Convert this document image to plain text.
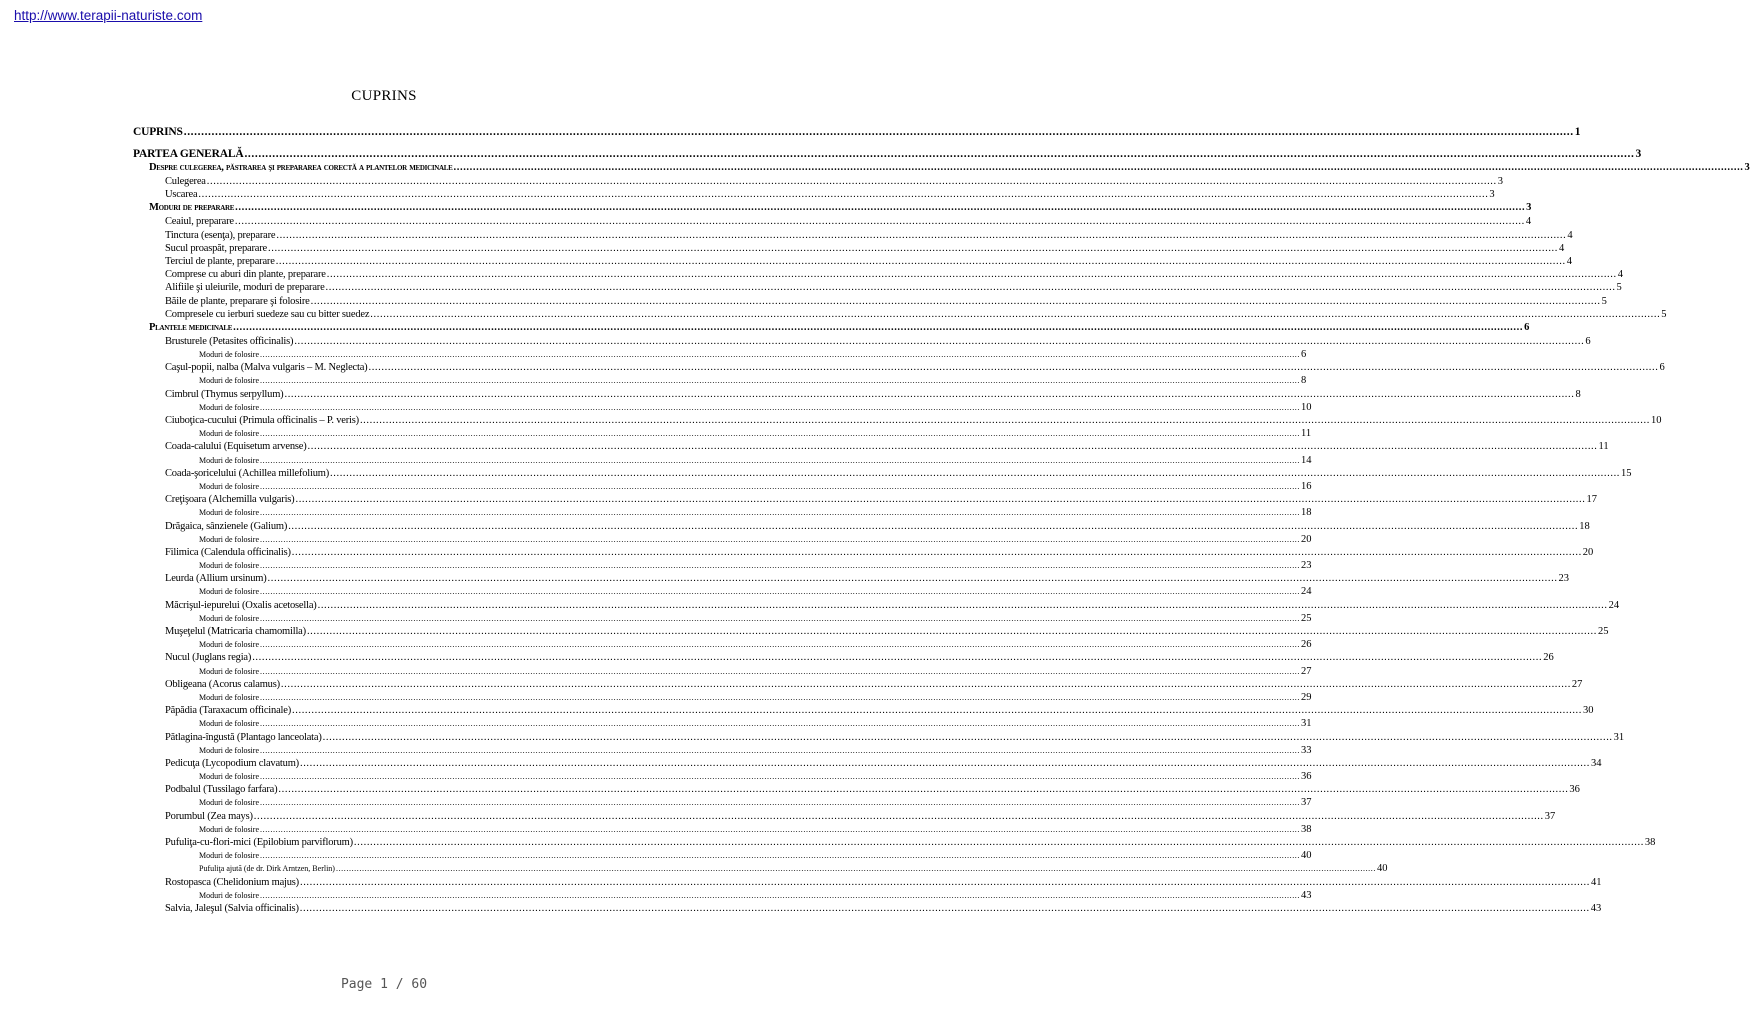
http://www.terapii-naturiste.com
CUPRINS
CUPRINS ................................................................................................................................................................................................................................................................................................................................................................................................................ 1
PARTEA GENERALĂ ................................................................................................................................................................................................................................................................................................................................................................................................................ 3
Despre culegerea, păstrarea şi prepararea corectă a plantelor medicinale ................................................................................................................................................................................................................................................................................................................................................................................................................ 3
Culegerea ................................................................................................................................................................................................................................................................................................................................................................................................................ 3
Uscarea ................................................................................................................................................................................................................................................................................................................................................................................................................ 3
Moduri de preparare ................................................................................................................................................................................................................................................................................................................................................................................................................ 3
Ceaiul, preparare ................................................................................................................................................................................................................................................................................................................................................................................................................ 4
Tinctura (esenţa), preparare ................................................................................................................................................................................................................................................................................................................................................................................................................ 4
Sucul proaspăt, preparare ................................................................................................................................................................................................................................................................................................................................................................................................................ 4
Terciul de plante, preparare ................................................................................................................................................................................................................................................................................................................................................................................................................ 4
Comprese cu aburi din plante, preparare ................................................................................................................................................................................................................................................................................................................................................................................................................ 4
Alifiile şi uleiurile, moduri de preparare ................................................................................................................................................................................................................................................................................................................................................................................................................ 5
Băile de plante, preparare şi folosire ................................................................................................................................................................................................................................................................................................................................................................................................................ 5
Compresele cu ierburi suedeze sau cu bitter suedez ................................................................................................................................................................................................................................................................................................................................................................................................................ 5
Plantele medicinale ................................................................................................................................................................................................................................................................................................................................................................................................................ 6
Brusturele (Petasites officinalis) ................................................................................................................................................................................................................................................................................................................................................................................................................ 6
Moduri de folosire ................................................................................................................................................................................................................................................................................................................................................................................................................ 6
Caşul-popii, nalba (Malva vulgaris – M. Neglecta) ................................................................................................................................................................................................................................................................................................................................................................................................................ 6
Moduri de folosire ................................................................................................................................................................................................................................................................................................................................................................................................................ 8
Cimbrul (Thymus serpyllum) ................................................................................................................................................................................................................................................................................................................................................................................................................ 8
Moduri de folosire ................................................................................................................................................................................................................................................................................................................................................................................................................ 10
Ciuboţica-cucului (Primula officinalis – P. veris) ................................................................................................................................................................................................................................................................................................................................................................................................................ 10
Moduri de folosire ................................................................................................................................................................................................................................................................................................................................................................................................................ 11
Coada-calului (Equisetum arvense) ................................................................................................................................................................................................................................................................................................................................................................................................................ 11
Moduri de folosire ................................................................................................................................................................................................................................................................................................................................................................................................................ 14
Coada-şoricelului (Achillea millefolium) ................................................................................................................................................................................................................................................................................................................................................................................................................ 15
Moduri de folosire ................................................................................................................................................................................................................................................................................................................................................................................................................ 16
Creţişoara (Alchemilla vulgaris) ................................................................................................................................................................................................................................................................................................................................................................................................................ 17
Moduri de folosire ................................................................................................................................................................................................................................................................................................................................................................................................................ 18
Drăgaica, sânzienele (Galium) ................................................................................................................................................................................................................................................................................................................................................................................................................ 18
Moduri de folosire ................................................................................................................................................................................................................................................................................................................................................................................................................ 20
Filimica (Calendula officinalis) ................................................................................................................................................................................................................................................................................................................................................................................................................ 20
Moduri de folosire ................................................................................................................................................................................................................................................................................................................................................................................................................ 23
Leurda (Allium ursinum) ................................................................................................................................................................................................................................................................................................................................................................................................................ 23
Moduri de folosire ................................................................................................................................................................................................................................................................................................................................................................................................................ 24
Măcrişul-iepurelui (Oxalis acetosella) ................................................................................................................................................................................................................................................................................................................................................................................................................ 24
Moduri de folosire ................................................................................................................................................................................................................................................................................................................................................................................................................ 25
Muşeţelul (Matricaria chamomilla) ................................................................................................................................................................................................................................................................................................................................................................................................................ 25
Moduri de folosire ................................................................................................................................................................................................................................................................................................................................................................................................................ 26
Nucul (Juglans regia) ................................................................................................................................................................................................................................................................................................................................................................................................................ 26
Moduri de folosire ................................................................................................................................................................................................................................................................................................................................................................................................................ 27
Obligeana (Acorus calamus) ................................................................................................................................................................................................................................................................................................................................................................................................................ 27
Moduri de folosire ................................................................................................................................................................................................................................................................................................................................................................................................................ 29
Păpădia (Taraxacum officinale) ................................................................................................................................................................................................................................................................................................................................................................................................................ 30
Moduri de folosire ................................................................................................................................................................................................................................................................................................................................................................................................................ 31
Pătlagina-îngustă (Plantago lanceolata) ................................................................................................................................................................................................................................................................................................................................................................................................................ 31
Moduri de folosire ................................................................................................................................................................................................................................................................................................................................................................................................................ 33
Pedicuţa (Lycopodium clavatum) ................................................................................................................................................................................................................................................................................................................................................................................................................ 34
Moduri de folosire ................................................................................................................................................................................................................................................................................................................................................................................................................ 36
Podbalul (Tussilago farfara) ................................................................................................................................................................................................................................................................................................................................................................................................................ 36
Moduri de folosire ................................................................................................................................................................................................................................................................................................................................................................................................................ 37
Porumbul (Zea mays) ................................................................................................................................................................................................................................................................................................................................................................................................................ 37
Moduri de folosire ................................................................................................................................................................................................................................................................................................................................................................................................................ 38
Pufuliţa-cu-flori-mici (Epilobium parviflorum) ................................................................................................................................................................................................................................................................................................................................................................................................................ 38
Moduri de folosire ................................................................................................................................................................................................................................................................................................................................................................................................................ 40
Pufuliţa ajută (de dr. Dirk Arntzen, Berlin) ................................................................................................................................................................................................................................................................................................................................................................................................................ 40
Rostopasca (Chelidonium majus) ................................................................................................................................................................................................................................................................................................................................................................................................................ 41
Moduri de folosire ................................................................................................................................................................................................................................................................................................................................................................................................................ 43
Salvia, Jaleşul (Salvia officinalis) ................................................................................................................................................................................................................................................................................................................................................................................................................ 43
Page 1 / 60
